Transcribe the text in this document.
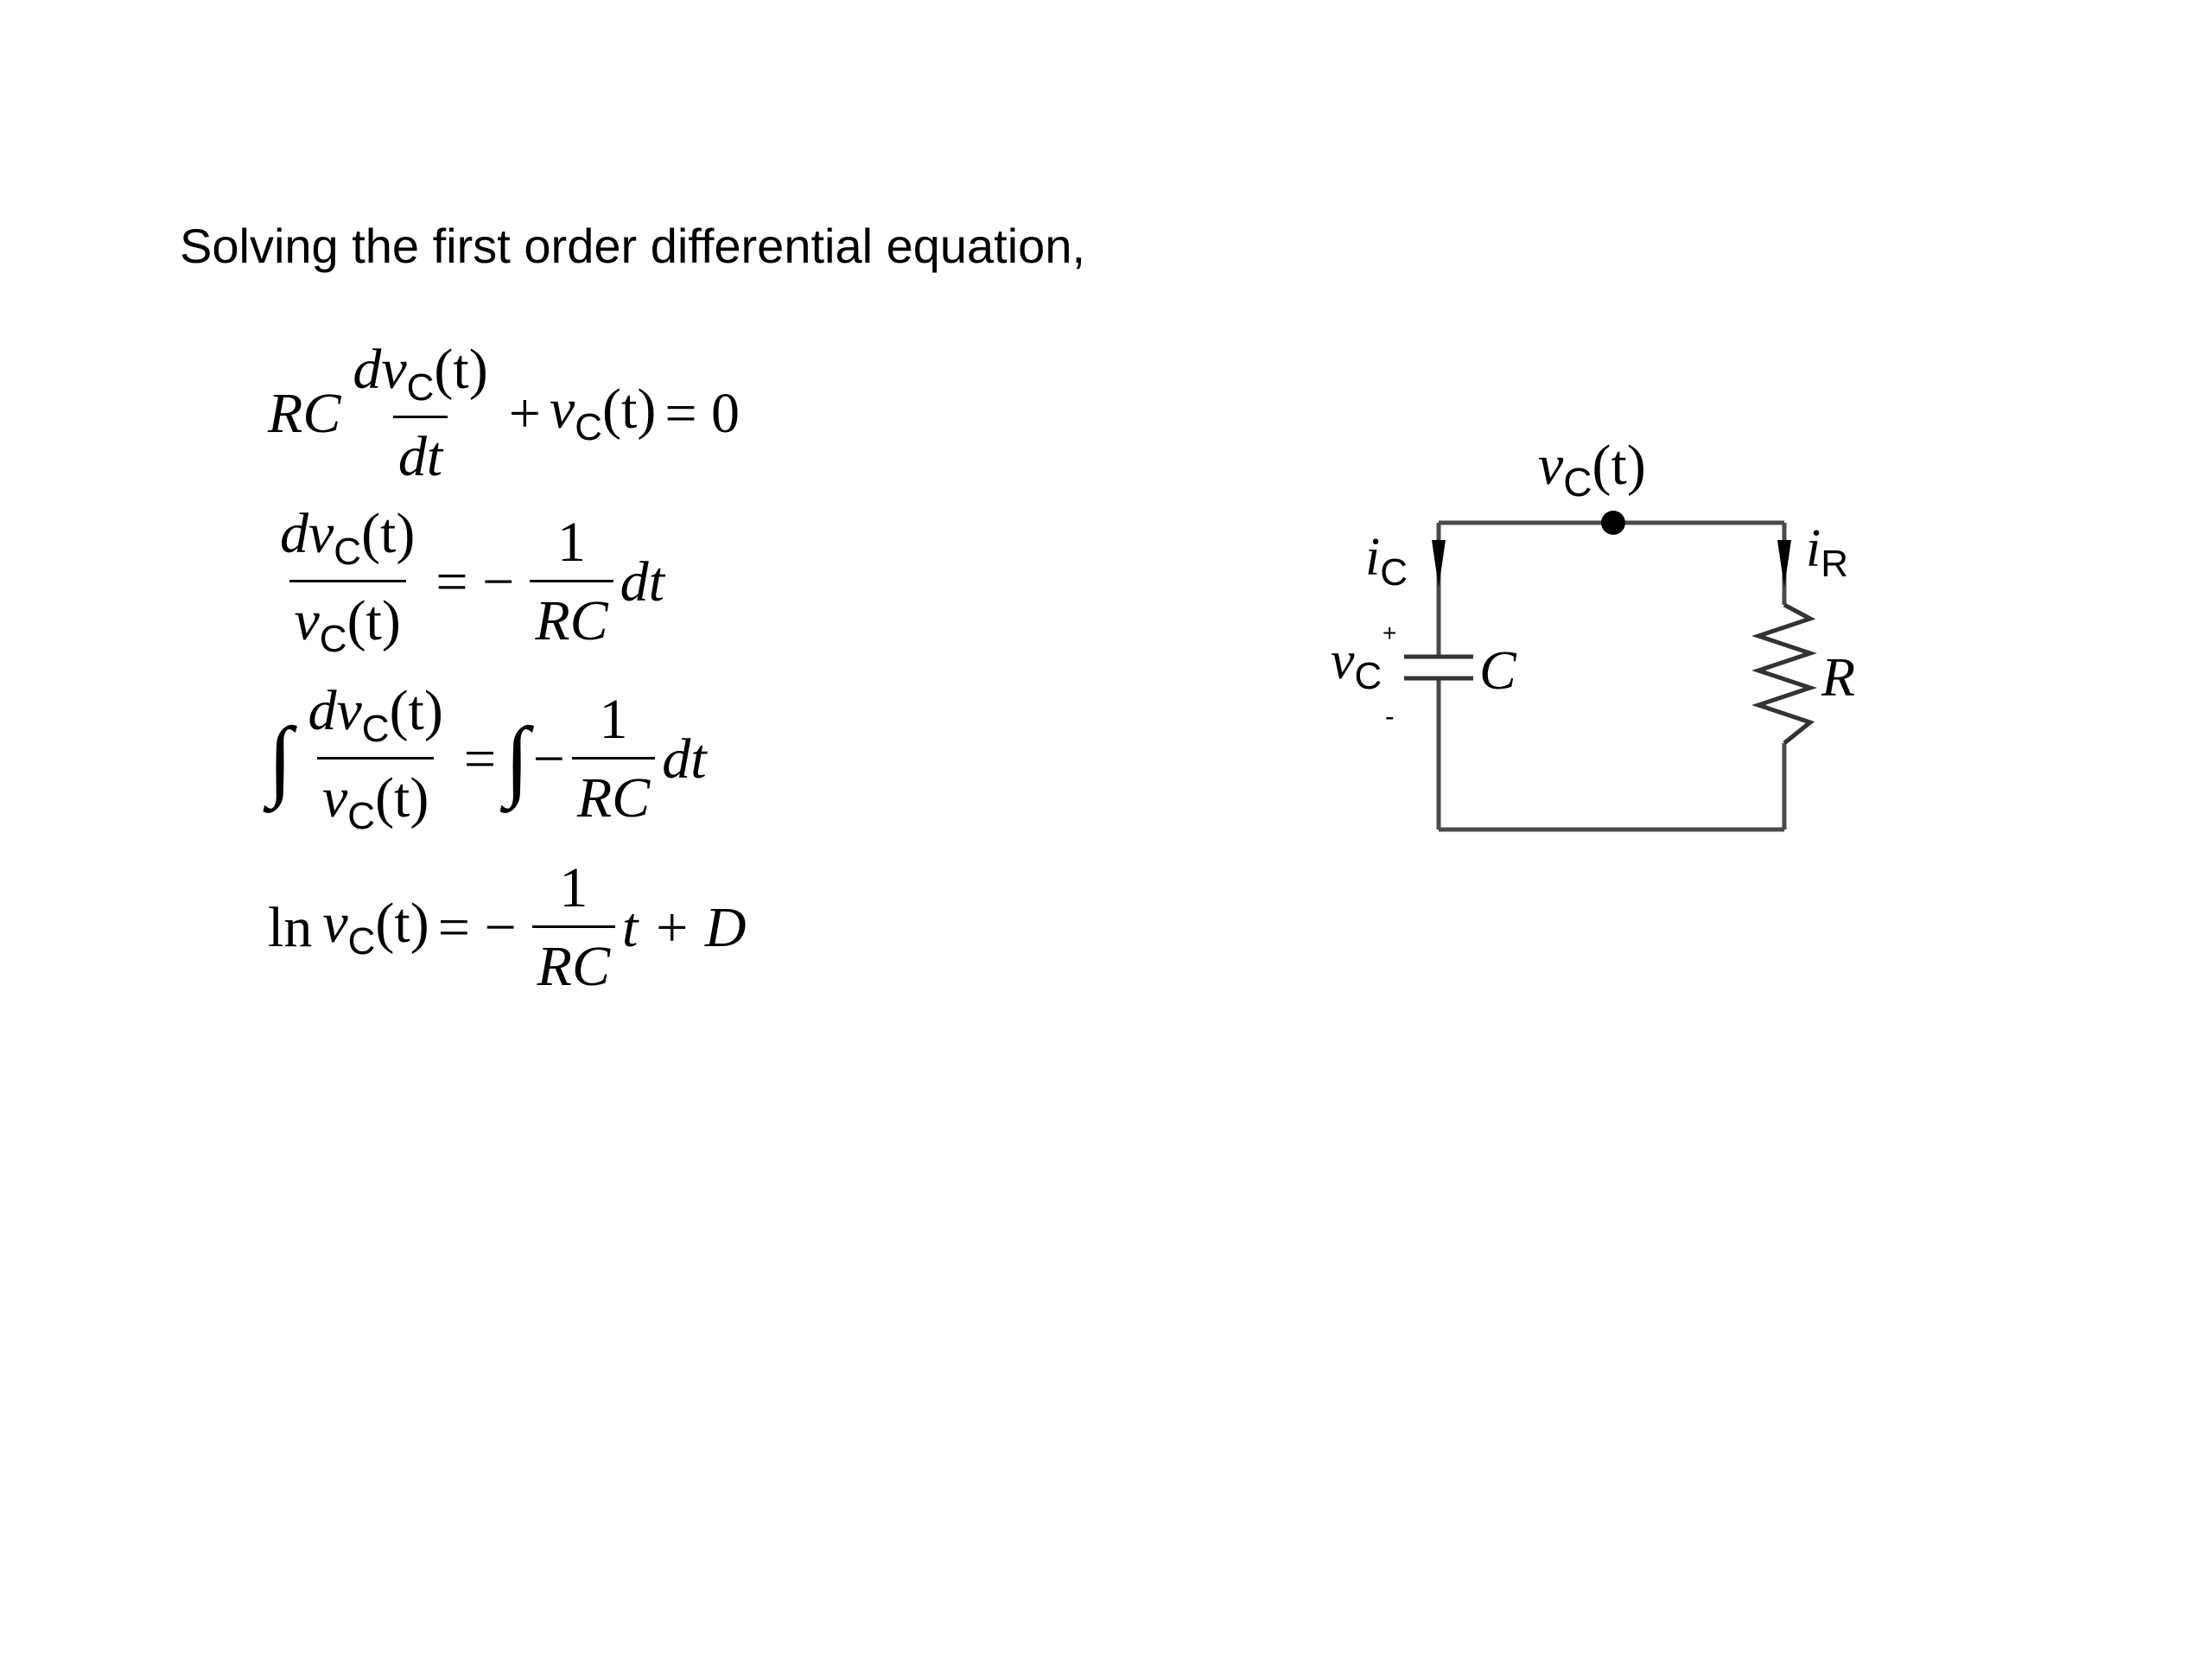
Solving the first order differential equation,
RC $\frac{dv_C(t)}{dt} + v_C(t) = 0$
$\frac{dv_C(t)}{v_C(t)}$ = − $\frac{1}{RC}$ dt
∫ $\frac{dv_C(t)}{v_C(t)}$ = ∫ − $\frac{1}{RC}$ dt
$\ln v_C(t)$ = − $\frac{1}{RC}$ t + D
$v_C(t)$
iC	iR
vC
+
-
C	R
